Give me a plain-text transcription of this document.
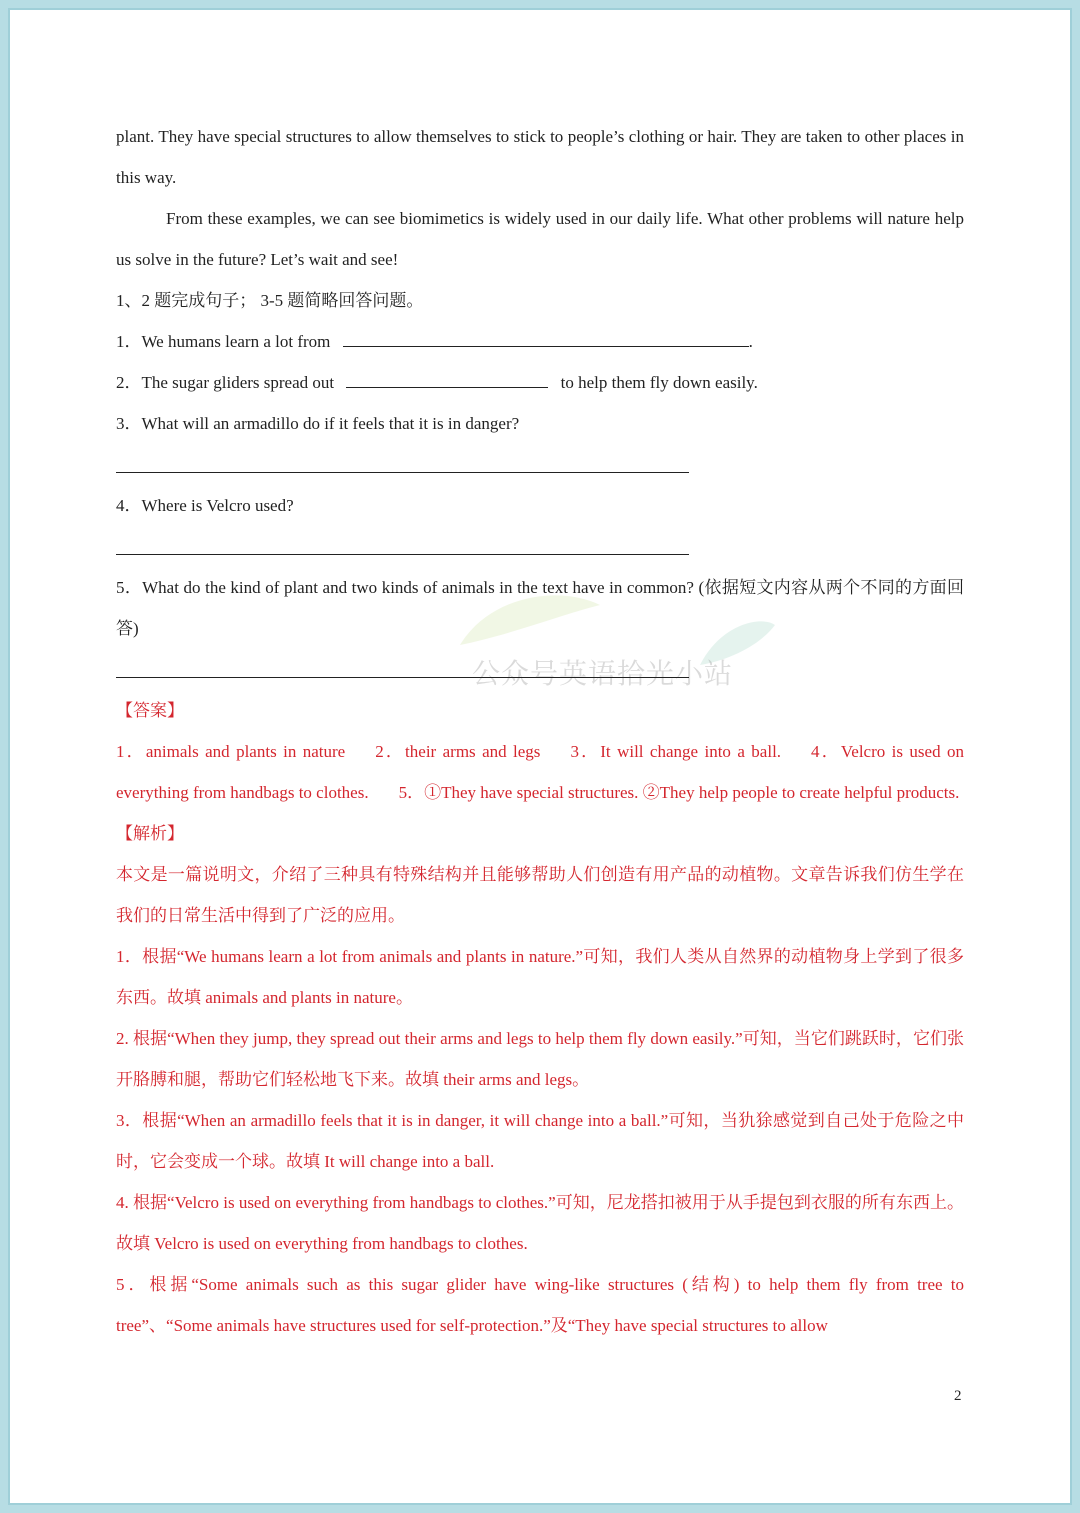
公众号英语拾光小站

plant. They have special structures to allow themselves to stick to people’s clothing or hair. They are taken to other places in this way.

From these examples, we can see biomimetics is widely used in our daily life. What other problems will nature help us solve in the future? Let’s wait and see!

1、2 题完成句子； 3-5 题简略回答问题。

1．We humans learn a lot from	.

2．The sugar gliders spread out	to help them fly down easily.

3．What will an armadillo do if it feels that it is in danger?

4．Where is Velcro used?

5．What do the kind of plant and two kinds of animals in the text have in common? (依据短文内容从两个不同的方面回答)

【答案】

1．animals and plants in nature 2．their arms and legs 3．It will change into a ball. 4．Velcro is used on everything from handbags to clothes. 5．①They have special structures. ②They help people to create helpful products.

【解析】

本文是一篇说明文，介绍了三种具有特殊结构并且能够帮助人们创造有用产品的动植物。文章告诉我们仿生学在我们的日常生活中得到了广泛的应用。

1．根据“We humans learn a lot from animals and plants in nature.”可知，我们人类从自然界的动植物身上学到了很多东西。故填 animals and plants in nature。

2. 根据“When they jump, they spread out their arms and legs to help them fly down easily.”可知，当它们跳跃时，它们张开胳膊和腿，帮助它们轻松地飞下来。故填 their arms and legs。

3．根据“When an armadillo feels that it is in danger, it will change into a ball.”可知，当犰狳感觉到自己处于危险之中时，它会变成一个球。故填 It will change into a ball.

4. 根据“Velcro is used on everything from handbags to clothes.”可知，尼龙搭扣被用于从手提包到衣服的所有东西上。故填 Velcro is used on everything from handbags to clothes.

5．根据“Some animals such as this sugar glider have wing-like structures (结构) to help them fly from tree to tree”、“Some animals have structures used for self-protection.”及“They have special structures to allow

2
